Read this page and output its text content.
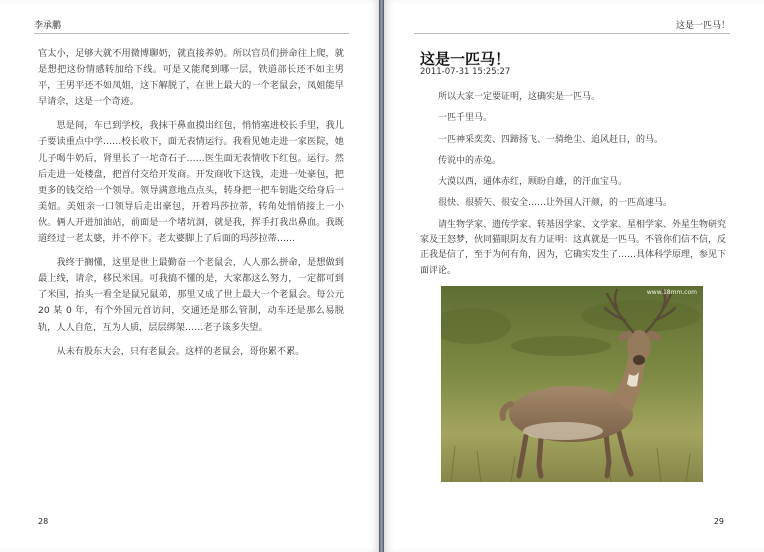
李承鹏

官太小，足够大就不用微博聊奶，就直接养奶。所以官员们拼命往上爬，就是想把这份情感转加给下线。可是又能爬到哪一层，铁道部长还不如主男平，王男平还不如凤姐，这下解脱了，在世上最大的一个老鼠会，凤姐能早早请佘，这是一个奇迹。

思是间，车已到学校，我抹干鼻血摸出红包，悄悄塞进校长手里，我儿子要读重点中学……校长收下，面无表情运行。我看见她走进一家医院，她儿子喝牛奶后，肾里长了一坨奇石子……医生面无表情收下红包。运行。然后走进一处楼盘，把首付交给开发商。开发商收下这钱，走进一处豪包，把更多的钱交给一个领导。领导满意地点点头，转身把一把车钥匙交给身后一美妞。美妞亲一口领导后走出豪包，开着玛莎拉蒂，转角处悄悄接上一小伙。俩人开进加油站，前面是一个堵坑洞，就是我，挥手打我出鼻血。我既道经过一老太婆，并不停下。老太婆脚上了后面的玛莎拉蒂……

我终于搁懂，这里是世上最勤奋一个老鼠会，人人那么拼命，是想做到最上线，请佘，移民米国。可我搞不懂的是，大家都这么努力，一定都可到了米国，抬头一看全是鼠兄鼠弟，那里又成了世上最大一个老鼠会。每公元 20 某 0 年，有个外国元首访问，交通还是那么管制，动车还是那么易脱轨，人人自危，互为人质，层层绑架……老子该多失望。

从未有股东大会，只有老鼠会。这样的老鼠会，哥你累不累。

28
这是一匹马！
29
这是一匹马！
2011-07-31 15:25:27

所以大家一定要证明，这确实是一匹马。

一匹千里马。

一匹神采奕奕、四蹄扬飞、一骑绝尘、追风赶日，的马。

传说中的赤兔。

大漠以西，通体赤红，顾盼自雄，的汗血宝马。

很快、很骄矢、很安全……让外国人汗颜，的一匹高速马。

请生物学家、遗传学家、转基因学家、文学家、星相学家、外星生物研究家及王怒梦，伙同猫眼阴友有力证明：这真就是一匹马。不管你们信不信，反正我是信了，至于为何有角，因为，它确实发生了……具体科学原理，参见下面评论。

www.18mm.com
